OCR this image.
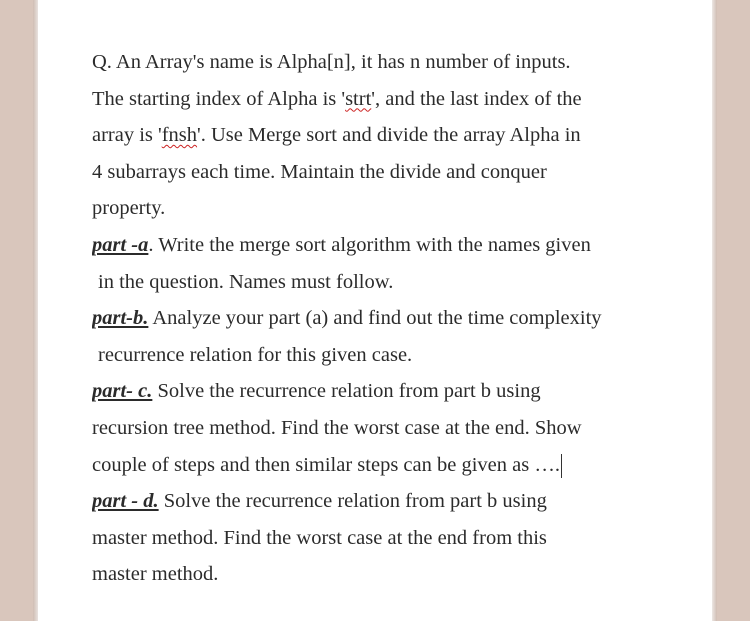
Q. An Array's name is Alpha[n], it has n number of inputs.
The starting index of Alpha is 'strt', and the last index of the
array is 'fnsh'. Use Merge sort and divide the array Alpha in
4 subarrays each time. Maintain the divide and conquer
property.
part -a. Write the merge sort algorithm with the names given
in the question. Names must follow.
part-b. Analyze your part (a) and find out the time complexity
recurrence relation for this given case.
part- c. Solve the recurrence relation from part b using
recursion tree method. Find the worst case at the end. Show
couple of steps and then similar steps can be given as ….
part - d. Solve the recurrence relation from part b using
master method. Find the worst case at the end from this
master method.
